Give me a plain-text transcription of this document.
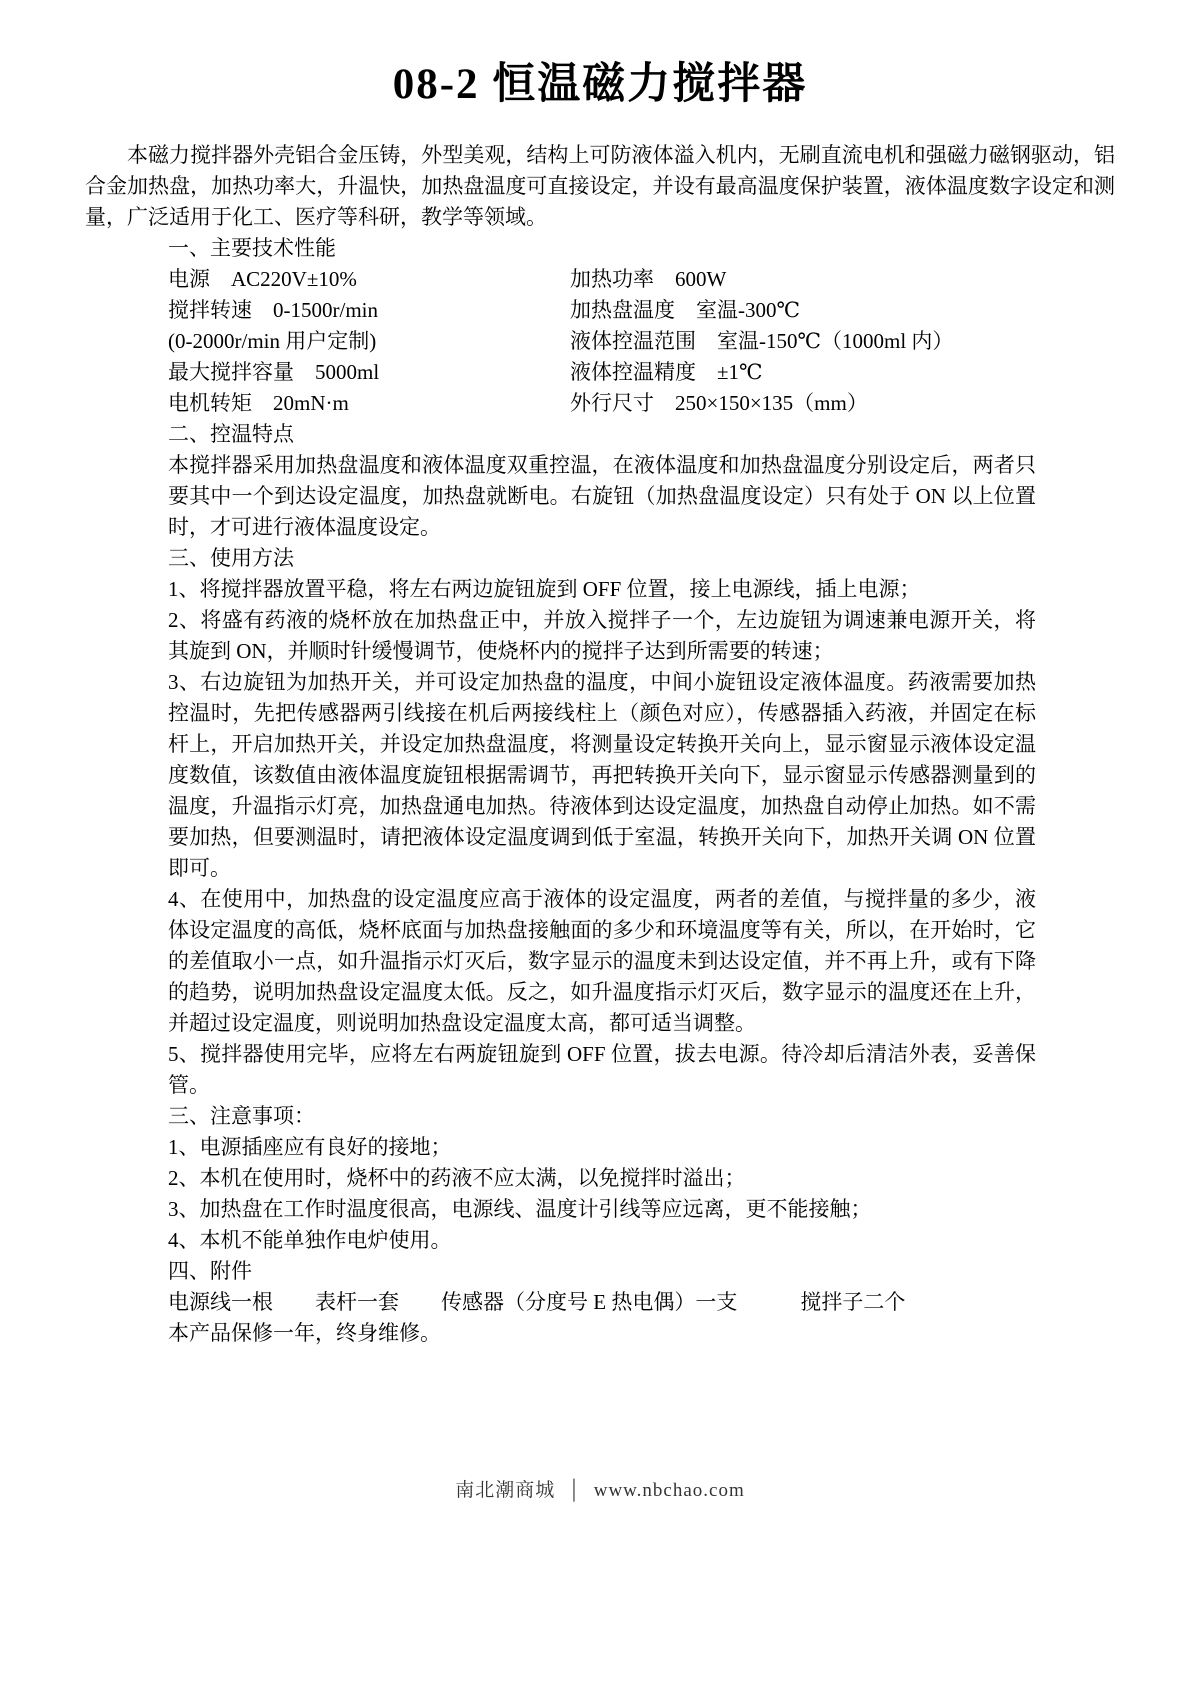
08-2 恒温磁力搅拌器

本磁力搅拌器外壳铝合金压铸，外型美观，结构上可防液体溢入机内，无刷直流电机和强磁力磁钢驱动，铝合金加热盘，加热功率大，升温快，加热盘温度可直接设定，并设有最高温度保护装置，液体温度数字设定和测量，广泛适用于化工、医疗等科研，教学等领域。

一、主要技术性能
电源　AC220V±10%
搅拌转速　0-1500r/min
(0-2000r/min 用户定制)
最大搅拌容量　5000ml
电机转矩　20mN·m
加热功率　600W
加热盘温度　室温-300℃
液体控温范围　室温-150℃（1000ml 内）
液体控温精度　±1℃
外行尺寸　250×150×135（mm）
二、控温特点

本搅拌器采用加热盘温度和液体温度双重控温，在液体温度和加热盘温度分别设定后，两者只要其中一个到达设定温度，加热盘就断电。右旋钮（加热盘温度设定）只有处于 ON 以上位置时，才可进行液体温度设定。

三、使用方法
1、将搅拌器放置平稳，将左右两边旋钮旋到 OFF 位置，接上电源线，插上电源；
2、将盛有药液的烧杯放在加热盘正中，并放入搅拌子一个，左边旋钮为调速兼电源开关，将其旋到 ON，并顺时针缓慢调节，使烧杯内的搅拌子达到所需要的转速；
3、右边旋钮为加热开关，并可设定加热盘的温度，中间小旋钮设定液体温度。药液需要加热控温时，先把传感器两引线接在机后两接线柱上（颜色对应），传感器插入药液，并固定在标杆上，开启加热开关，并设定加热盘温度，将测量设定转换开关向上，显示窗显示液体设定温度数值，该数值由液体温度旋钮根据需调节，再把转换开关向下，显示窗显示传感器测量到的温度，升温指示灯亮，加热盘通电加热。待液体到达设定温度，加热盘自动停止加热。如不需要加热，但要测温时，请把液体设定温度调到低于室温，转换开关向下，加热开关调 ON 位置即可。
4、在使用中，加热盘的设定温度应高于液体的设定温度，两者的差值，与搅拌量的多少，液体设定温度的高低，烧杯底面与加热盘接触面的多少和环境温度等有关，所以，在开始时，它的差值取小一点，如升温指示灯灭后，数字显示的温度未到达设定值，并不再上升，或有下降的趋势，说明加热盘设定温度太低。反之，如升温度指示灯灭后，数字显示的温度还在上升，并超过设定温度，则说明加热盘设定温度太高，都可适当调整。
5、搅拌器使用完毕，应将左右两旋钮旋到 OFF 位置，拔去电源。待冷却后清洁外表，妥善保管。
三、注意事项：
1、电源插座应有良好的接地；
2、本机在使用时，烧杯中的药液不应太满，以免搅拌时溢出；
3、加热盘在工作时温度很高，电源线、温度计引线等应远离，更不能接触；
4、本机不能单独作电炉使用。
四、附件

电源线一根　　表杆一套　　传感器（分度号 E 热电偶）一支　　　搅拌子二个

本产品保修一年，终身维修。

南北潮商城 │ www.nbchao.com
